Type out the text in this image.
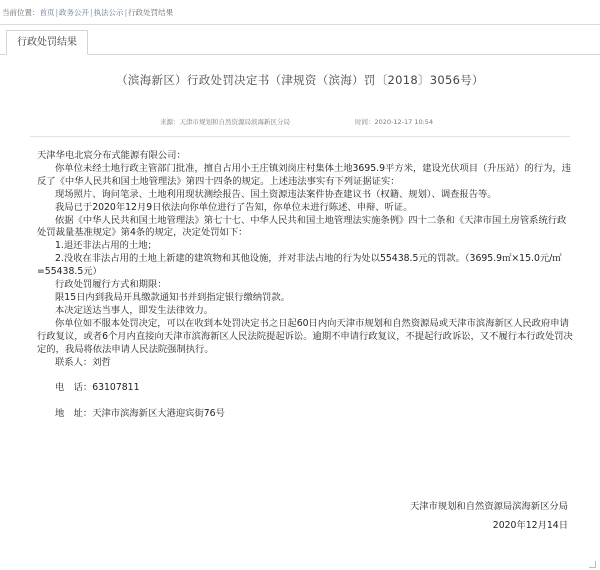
当前位置：首页|政务公开|执法公示|行政处罚结果
行政处罚结果
（滨海新区）行政处罚决定书（津规资（滨海）罚〔2018〕3056号）
来源：天津市规划和自然资源局滨海新区分局	时间：2020-12-17 10:54

天津华电北宸分布式能源有限公司：

你单位未经土地行政主管部门批准，擅自占用小王庄镇刘岗庄村集体土地3695.9平方米，建设光伏项目（升压站）的行为，违反了《中华人民共和国土地管理法》第四十四条的规定。上述违法事实有下列证据证实：

现场照片、询问笔录、土地利用现状测绘报告、国土资源违法案件协查建议书（权籍、规划）、调查报告等。

我局已于2020年12月9日依法向你单位进行了告知，你单位未进行陈述、申辩、听证。

依据《中华人民共和国土地管理法》第七十七、中华人民共和国土地管理法实施条例》四十二条和《天津市国土房管系统行政处罚裁量基准规定》第4条的规定，决定处罚如下：

1.退还非法占用的土地；

2.没收在非法占用的土地上新建的建筑物和其他设施，并对非法占地的行为处以55438.5元的罚款。（3695.9㎡×15.0元/㎡=55438.5元）

行政处罚履行方式和期限：

限15日内到我局开具缴款通知书并到指定银行缴纳罚款。

本决定送达当事人，即发生法律效力。

你单位如不服本处罚决定，可以在收到本处罚决定书之日起60日内向天津市规划和自然资源局或天津市滨海新区人民政府申请行政复议，或者6个月内直接向天津市滨海新区人民法院提起诉讼。逾期不申请行政复议，不提起行政诉讼，又不履行本行政处罚决定的，我局将依法申请人民法院强制执行。

联系人：刘哲

电　话：63107811

地　址：天津市滨海新区大港迎宾街76号

天津市规划和自然资源局滨海新区分局
2020年12月14日
